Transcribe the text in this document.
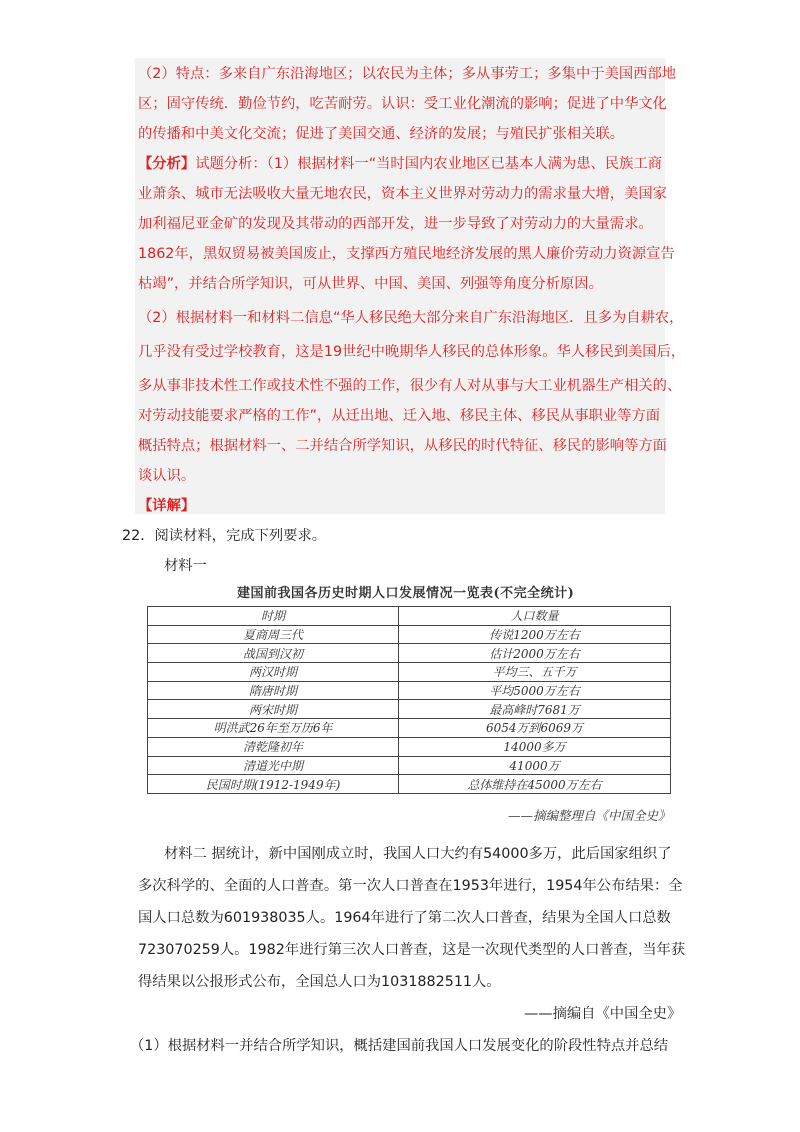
（2）特点：多来自广东沿海地区；以农民为主体；多从事劳工；多集中于美国西部地
区；固守传统．勤俭节约，吃苦耐劳。认识：受工业化潮流的影响；促进了中华文化
的传播和中美文化交流；促进了美国交通、经济的发展；与殖民扩张相关联。
【分析】试题分析：（1）根据材料一“当时国内农业地区已基本人满为患、民族工商
业萧条、城市无法吸收大量无地农民，资本主义世界对劳动力的需求量大增，美国家
加利福尼亚金矿的发现及其带动的西部开发，进一步导致了对劳动力的大量需求。
1862年，黑奴贸易被美国废止，支撑西方殖民地经济发展的黑人廉价劳动力资源宣告
枯竭”，并结合所学知识，可从世界、中国、美国、列强等角度分析原因。
（2）根据材料一和材料二信息“华人移民绝大部分来自广东沿海地区．且多为自耕农，
几乎没有受过学校教育，这是19世纪中晚期华人移民的总体形象。华人移民到美国后，
多从事非技术性工作或技术性不强的工作，很少有人对从事与大工业机器生产相关的、
对劳动技能要求严格的工作”，从迁出地、迁入地、移民主体、移民从事职业等方面
概括特点；根据材料一、二并结合所学知识，从移民的时代特征、移民的影响等方面
谈认识。
【详解】
22．阅读材料，完成下列要求。
材料一
建国前我国各历史时期人口发展情况一览表(不完全统计)
时期	人口数量
夏商周三代	传说1200万左右
战国到汉初	估计2000万左右
两汉时期	平均三、五千万
隋唐时期	平均5000万左右
两宋时期	最高峰时7681万
明洪武26年至万历6年	6054万到6069万
清乾隆初年	14000多万
清道光中期	41000万
民国时期(1912-1949年)	总体维持在45000万左右
——摘编整理自《中国全史》
材料二 据统计，新中国刚成立时，我国人口大约有54000多万，此后国家组织了
多次科学的、全面的人口普查。第一次人口普查在1953年进行，1954年公布结果：全
国人口总数为601938035人。1964年进行了第二次人口普查，结果为全国人口总数
723070259人。1982年进行第三次人口普查，这是一次现代类型的人口普查，当年获
得结果以公报形式公布，全国总人口为1031882511人。
——摘编自《中国全史》
（1）根据材料一并结合所学知识，概括建国前我国人口发展变化的阶段性特点并总结
